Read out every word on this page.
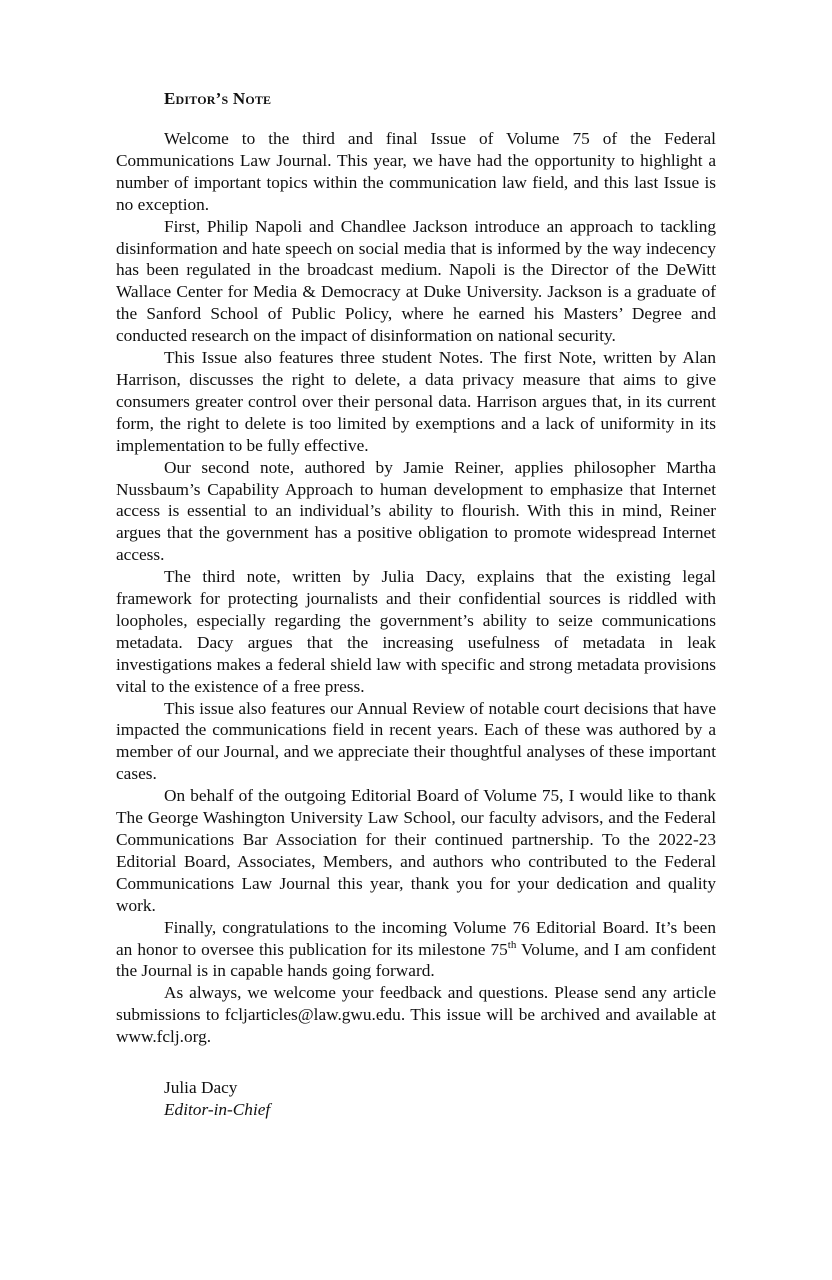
Editor’s Note

Welcome to the third and final Issue of Volume 75 of the Federal Communications Law Journal. This year, we have had the opportunity to highlight a number of important topics within the communication law field, and this last Issue is no exception.

First, Philip Napoli and Chandlee Jackson introduce an approach to tackling disinformation and hate speech on social media that is informed by the way indecency has been regulated in the broadcast medium. Napoli is the Director of the DeWitt Wallace Center for Media & Democracy at Duke University. Jackson is a graduate of the Sanford School of Public Policy, where he earned his Masters’ Degree and conducted research on the impact of disinformation on national security.

This Issue also features three student Notes. The first Note, written by Alan Harrison, discusses the right to delete, a data privacy measure that aims to give consumers greater control over their personal data. Harrison argues that, in its current form, the right to delete is too limited by exemptions and a lack of uniformity in its implementation to be fully effective.

Our second note, authored by Jamie Reiner, applies philosopher Martha Nussbaum’s Capability Approach to human development to emphasize that Internet access is essential to an individual’s ability to flourish. With this in mind, Reiner argues that the government has a positive obligation to promote widespread Internet access.

The third note, written by Julia Dacy, explains that the existing legal framework for protecting journalists and their confidential sources is riddled with loopholes, especially regarding the government’s ability to seize communications metadata. Dacy argues that the increasing usefulness of metadata in leak investigations makes a federal shield law with specific and strong metadata provisions vital to the existence of a free press.

This issue also features our Annual Review of notable court decisions that have impacted the communications field in recent years. Each of these was authored by a member of our Journal, and we appreciate their thoughtful analyses of these important cases.

On behalf of the outgoing Editorial Board of Volume 75, I would like to thank The George Washington University Law School, our faculty advisors, and the Federal Communications Bar Association for their continued partnership. To the 2022-23 Editorial Board, Associates, Members, and authors who contributed to the Federal Communications Law Journal this year, thank you for your dedication and quality work.

Finally, congratulations to the incoming Volume 76 Editorial Board. It’s been an honor to oversee this publication for its milestone 75th Volume, and I am confident the Journal is in capable hands going forward.

As always, we welcome your feedback and questions. Please send any article submissions to fcljarticles@law.gwu.edu. This issue will be archived and available at www.fclj.org.

Julia Dacy
Editor-in-Chief
